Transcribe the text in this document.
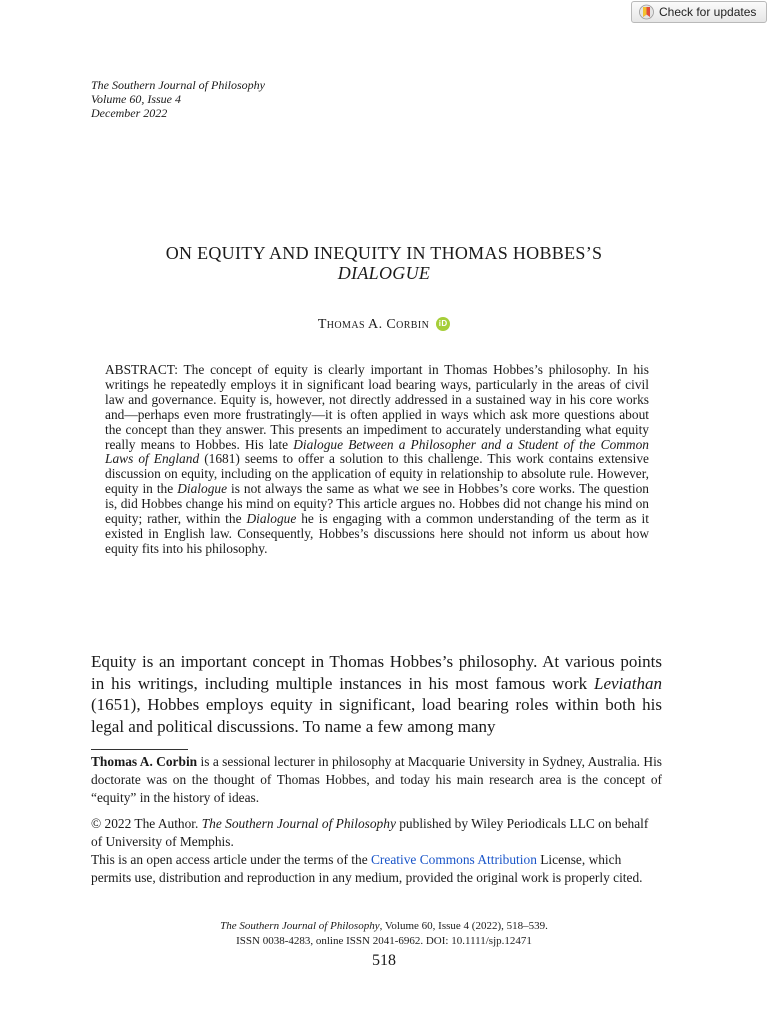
Check for updates
The Southern Journal of Philosophy
Volume 60, Issue 4
December 2022
ON EQUITY AND INEQUITY IN THOMAS HOBBES’S
DIALOGUE
Thomas A. Corbin iD

ABSTRACT: The concept of equity is clearly important in Thomas Hobbes’s philosophy. In his writings he repeatedly employs it in significant load bearing ways, particularly in the areas of civil law and governance. Equity is, however, not directly addressed in a sustained way in his core works and—perhaps even more frustratingly—it is often applied in ways which ask more questions about the concept than they answer. This presents an impediment to accurately understanding what equity really means to Hobbes. His late Dialogue Between a Philosopher and a Student of the Common Laws of England (1681) seems to offer a solution to this challenge. This work contains extensive discussion on equity, including on the application of equity in relationship to absolute rule. However, equity in the Dialogue is not always the same as what we see in Hobbes’s core works. The question is, did Hobbes change his mind on equity? This article argues no. Hobbes did not change his mind on equity; rather, within the Dialogue he is engaging with a common understanding of the term as it existed in English law. Consequently, Hobbes’s discussions here should not inform us about how equity fits into his philosophy.

Equity is an important concept in Thomas Hobbes’s philosophy. At various points in his writings, including multiple instances in his most famous work Leviathan (1651), Hobbes employs equity in significant, load bearing roles within both his legal and political discussions. To name a few among many

Thomas A. Corbin is a sessional lecturer in philosophy at Macquarie University in Sydney, Australia. His doctorate was on the thought of Thomas Hobbes, and today his main research area is the concept of “equity” in the history of ideas.

© 2022 The Author. The Southern Journal of Philosophy published by Wiley Periodicals LLC on behalf of University of Memphis.

This is an open access article under the terms of the Creative Commons Attribution License, which permits use, distribution and reproduction in any medium, provided the original work is properly cited.

The Southern Journal of Philosophy, Volume 60, Issue 4 (2022), 518–539.
ISSN 0038-4283, online ISSN 2041-6962. DOI: 10.1111/sjp.12471
518
